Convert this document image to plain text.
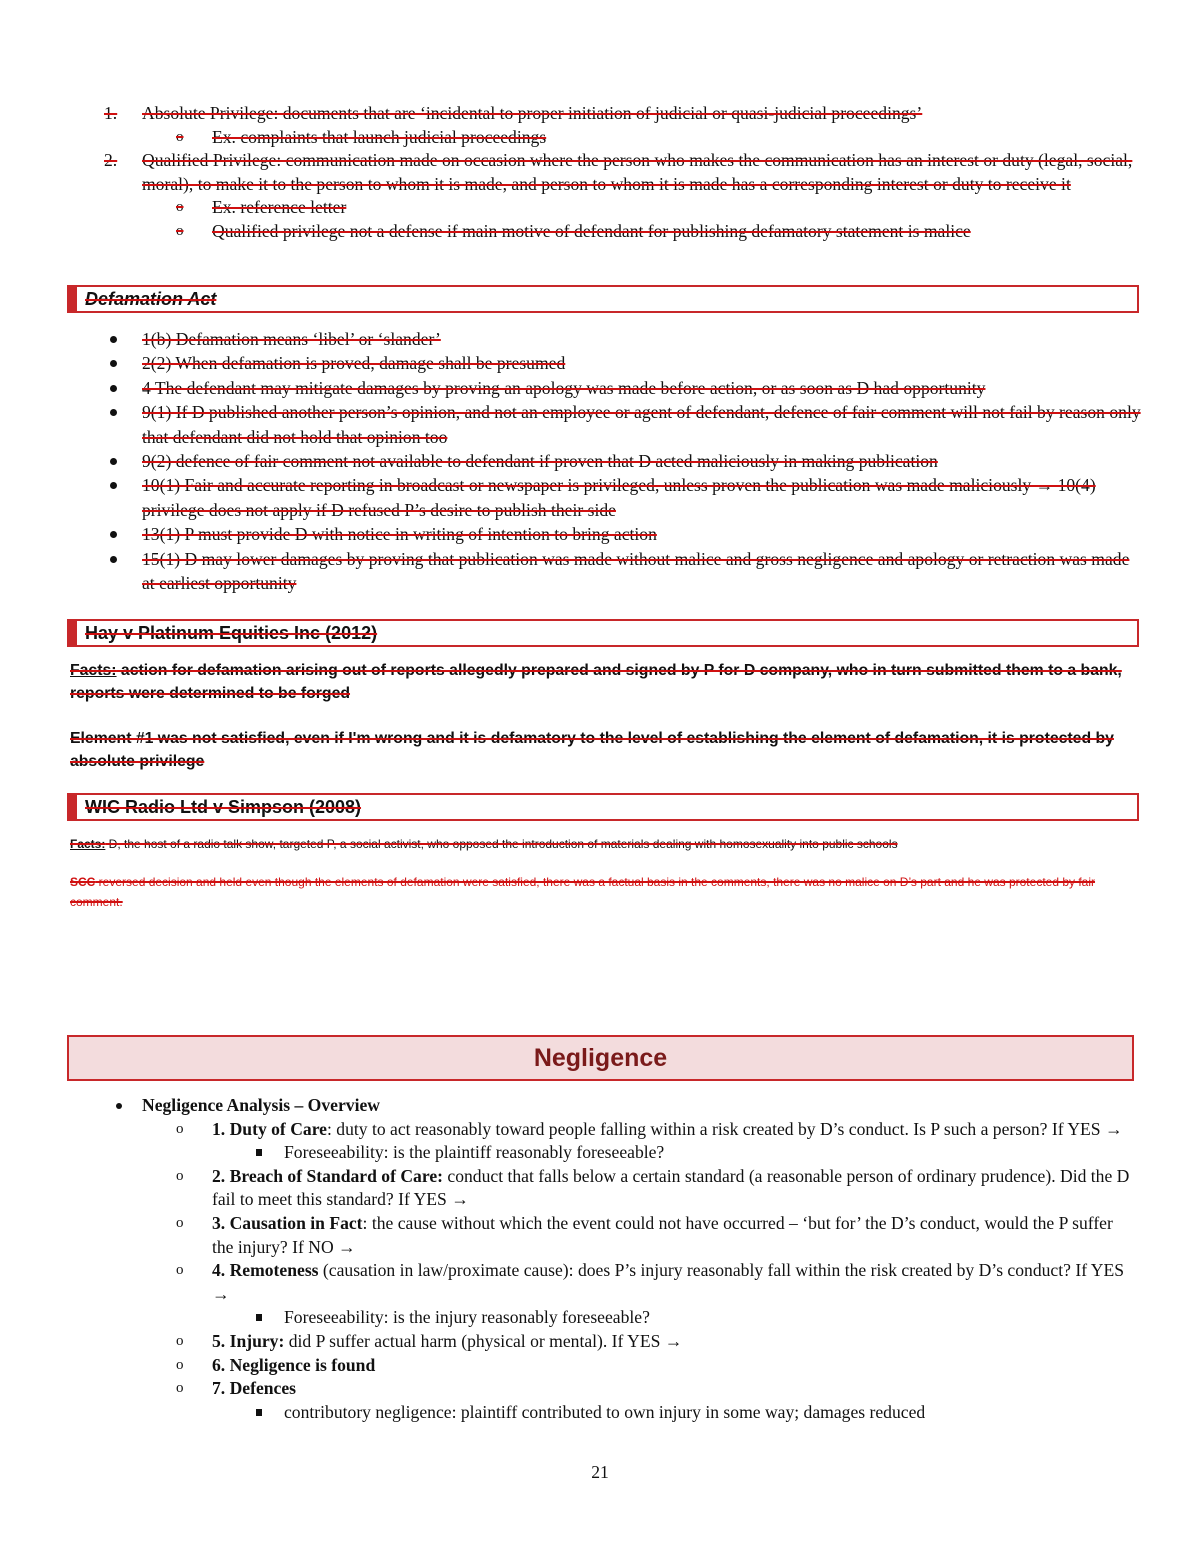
1.	Absolute Privilege: documents that are ‘incidental to proper initiation of judicial or quasi-judicial proceedings’
o	Ex. complaints that launch judicial proceedings
2.	Qualified Privilege: communication made on occasion where the person who makes the communication has an interest or duty (legal, social, moral), to make it to the person to whom it is made, and person to whom it is made has a corresponding interest or duty to receive it
o	Ex. reference letter
o	Qualified privilege not a defense if main motive of defendant for publishing defamatory statement is malice
Defamation Act
1(b) Defamation means ‘libel’ or ‘slander’
2(2) When defamation is proved, damage shall be presumed
4 The defendant may mitigate damages by proving an apology was made before action, or as soon as D had opportunity
9(1) If D published another person’s opinion, and not an employee or agent of defendant, defence of fair comment will not fail by reason only that defendant did not hold that opinion too
9(2) defence of fair comment not available to defendant if proven that D acted maliciously in making publication
10(1) Fair and accurate reporting in broadcast or newspaper is privileged, unless proven the publication was made maliciously → 10(4) privilege does not apply if D refused P’s desire to publish their side
13(1) P must provide D with notice in writing of intention to bring action
15(1) D may lower damages by proving that publication was made without malice and gross negligence and apology or retraction was made at earliest opportunity
Hay v Platinum Equities Inc (2012)
Facts: action for defamation arising out of reports allegedly prepared and signed by P for D company, who in turn submitted them to a bank, reports were determined to be forged
Element #1 was not satisfied, even if I'm wrong and it is defamatory to the level of establishing the element of defamation, it is protected by absolute privilege
WIC Radio Ltd v Simpson (2008)
Facts: D, the host of a radio talk show, targeted P, a social activist, who opposed the introduction of materials dealing with homosexuality into public schools
SCC reversed decision and held even though the elements of defamation were satisfied, there was a factual basis in the comments, there was no malice on D’s part and he was protected by fair comment.
Negligence
Negligence Analysis – Overview
o	1. Duty of Care: duty to act reasonably toward people falling within a risk created by D’s conduct. Is P such a person? If YES →
Foreseeability: is the plaintiff reasonably foreseeable?
o	2. Breach of Standard of Care: conduct that falls below a certain standard (a reasonable person of ordinary prudence). Did the D fail to meet this standard? If YES →
o	3. Causation in Fact: the cause without which the event could not have occurred – ‘but for’ the D’s conduct, would the P suffer the injury? If NO →
o	4. Remoteness (causation in law/proximate cause): does P’s injury reasonably fall within the risk created by D’s conduct? If YES →
Foreseeability: is the injury reasonably foreseeable?
o	5. Injury: did P suffer actual harm (physical or mental). If YES →
o	6. Negligence is found
o	7. Defences
contributory negligence: plaintiff contributed to own injury in some way; damages reduced
21
